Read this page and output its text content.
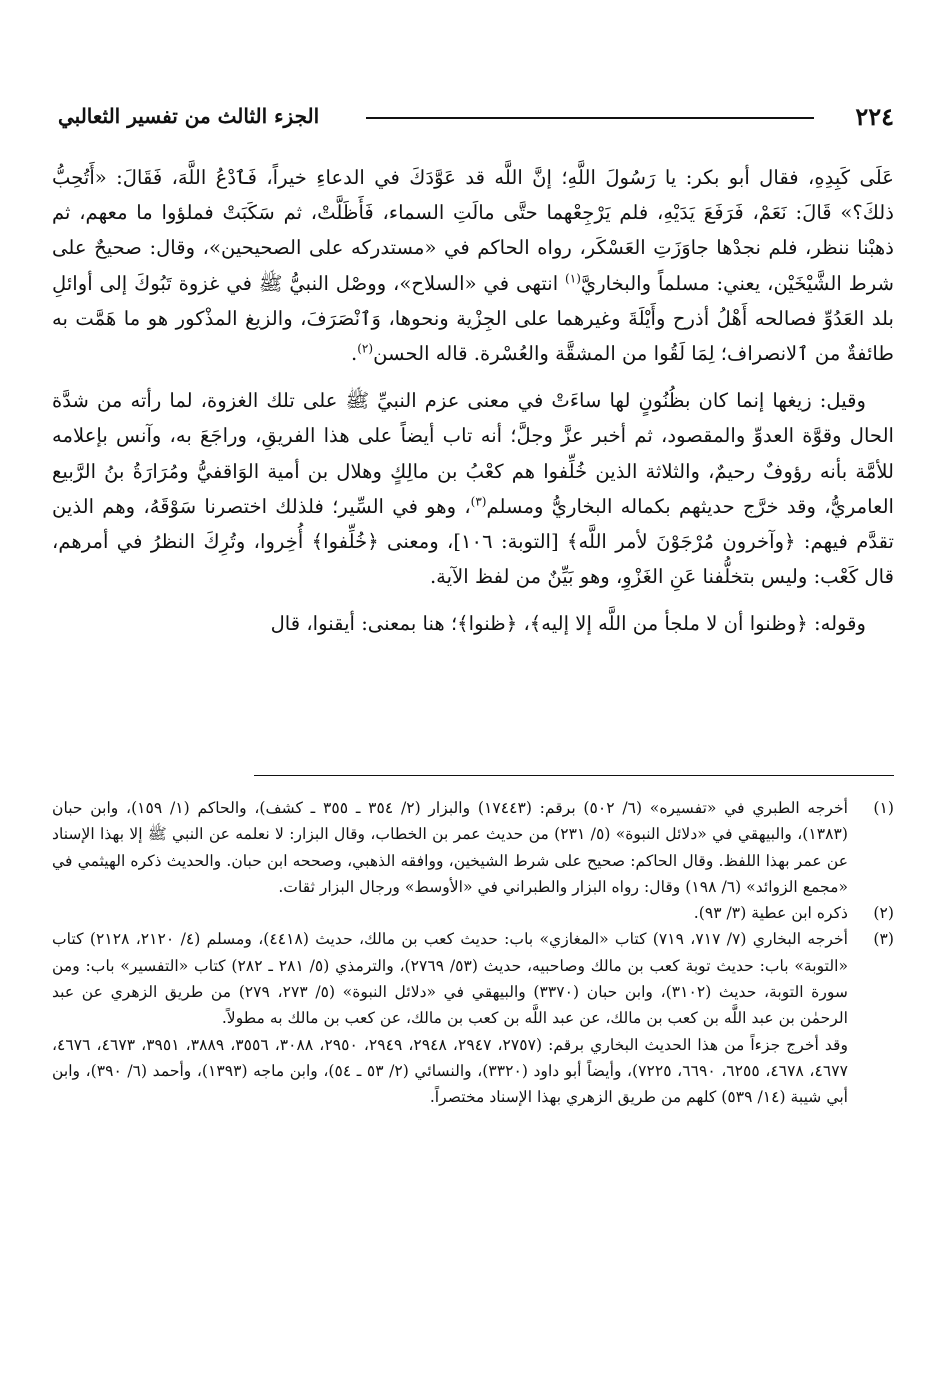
٢٢٤
الجزء الثالث من تفسير الثعالبي

عَلَى كَبِدِهِ، فقال أبو بكر: يا رَسُولَ اللَّهِ؛ إنَّ اللَّه قد عَوَّدَكَ في الدعاءِ خيراً، فَٱدْعُ اللَّهَ، فَقَالَ: «أَتُحِبُّ ذلكَ؟» قَالَ: نَعَمْ، فَرَفَعَ يَدَيْهِ، فلم يَرْجِعْهما حتَّى مالَتِ السماء، فَأَظَلَّتْ، ثم سَكَبَتْ فملؤوا ما معهم، ثم ذهبْنا ننظر، فلم نجدْها جاوَزَتِ العَسْكَر، رواه الحاكم في «مستدركه على الصحيحين»، وقال: صحيحٌ على شرط الشَّيْخَيْن، يعني: مسلماً والبخاريَّ$^{(١)}$ انتهى في «السلاح»، ووصْل النبيُّ ﷺ في غزوة تَبُوكَ إلى أوائلِ بلد العَدُوِّ فصالحه أَهْلُ أذرح وأَيْلَةَ وغيرهما على الجِزْية ونحوها، وَٱنْصَرَفَ، والزيغ المذْكور هو ما هَمَّت به طائفةٌ من ٱلانصراف؛ لِمَا لَقُوا من المشقَّة والعُسْرة. قاله الحسن$^{(٢)}$.

وقيل: زيغها إنما كان بظُنُونٍ لها ساءَتْ في معنى عزم النبيِّ ﷺ على تلك الغزوة، لما رأته من شدَّة الحال وقوَّة العدوِّ والمقصود، ثم أخبر عزَّ وجلَّ؛ أنه تاب أيضاً على هذا الفريقِ، وراجَعَ به، وآنس بإعلامه للأمَّة بأنه رؤوفٌ رحيمٌ، والثلاثة الذين خُلِّفوا هم كعْبُ بن مالِكٍ وهلال بن أمية الوَاقفيُّ ومُرَارَةُ بنُ الرَّبيع العامريُّ، وقد خرَّج حديثهم بكماله البخاريُّ ومسلم$^{(٣)}$، وهو في السِّير؛ فلذلك اختصرنا سَوْقَهُ، وهم الذين تقدَّم فيهم: ﴿وآخرون مُرْجَوْنَ لأمر اللَّه﴾ [التوبة: ١٠٦]، ومعنى ﴿خُلِّفوا﴾ أُخِروا، وتُرِكَ النظرُ في أمرهم، قال كَعْب: وليس بتخلُّفنا عَنِ الغَزْوِ، وهو بَيِّنٌ من لفظ الآية.

وقوله: ﴿وظنوا أن لا ملجأ من اللَّه إلا إليه﴾، ﴿ظنوا﴾؛ هنا بمعنى: أيقنوا، قال

(١)
أخرجه الطبري في «تفسيره» (٦/ ٥٠٢) برقم: (١٧٤٤٣) والبزار (٢/ ٣٥٤ ـ ٣٥٥ ـ كشف)، والحاكم (١/ ١٥٩)، وابن حبان (١٣٨٣)، والبيهقي في «دلائل النبوة» (٥/ ٢٣١) من حديث عمر بن الخطاب، وقال البزار: لا نعلمه عن النبي ﷺ إلا بهذا الإسناد عن عمر بهذا اللفظ. وقال الحاكم: صحيح على شرط الشيخين، ووافقه الذهبي، وصححه ابن حبان. والحديث ذكره الهيثمي في «مجمع الزوائد» (٦/ ١٩٨) وقال: رواه البزار والطبراني في «الأوسط» ورجال البزار ثقات.
(٢)
ذكره ابن عطية (٣/ ٩٣).
(٣)
أخرجه البخاري (٧/ ٧١٧، ٧١٩) كتاب «المغازي» باب: حديث كعب بن مالك، حديث (٤٤١٨)، ومسلم (٤/ ٢١٢٠، ٢١٢٨) كتاب «التوبة» باب: حديث توبة كعب بن مالك وصاحبيه، حديث (٥٣/ ٢٧٦٩)، والترمذي (٥/ ٢٨١ ـ ٢٨٢) كتاب «التفسير» باب: ومن سورة التوبة، حديث (٣١٠٢)، وابن حبان (٣٣٧٠) والبيهقي في «دلائل النبوة» (٥/ ٢٧٣، ٢٧٩) من طريق الزهري عن عبد الرحمٰن بن عبد اللَّه بن كعب بن مالك، عن عبد اللَّه بن كعب بن مالك، عن كعب بن مالك به مطولاً.
وقد أخرج جزءاً من هذا الحديث البخاري برقم: (٢٧٥٧، ٢٩٤٧، ٢٩٤٨، ٢٩٤٩، ٢٩٥٠، ٣٠٨٨، ٣٥٥٦، ٣٨٨٩، ٣٩٥١، ٤٦٧٣، ٤٦٧٦، ٤٦٧٧، ٤٦٧٨، ٦٢٥٥، ٦٦٩٠، ٧٢٢٥)، وأيضاً أبو داود (٣٣٢٠)، والنسائي (٢/ ٥٣ ـ ٥٤)، وابن ماجه (١٣٩٣)، وأحمد (٦/ ٣٩٠)، وابن أبي شيبة (١٤/ ٥٣٩) كلهم من طريق الزهري بهذا الإسناد مختصراً.
